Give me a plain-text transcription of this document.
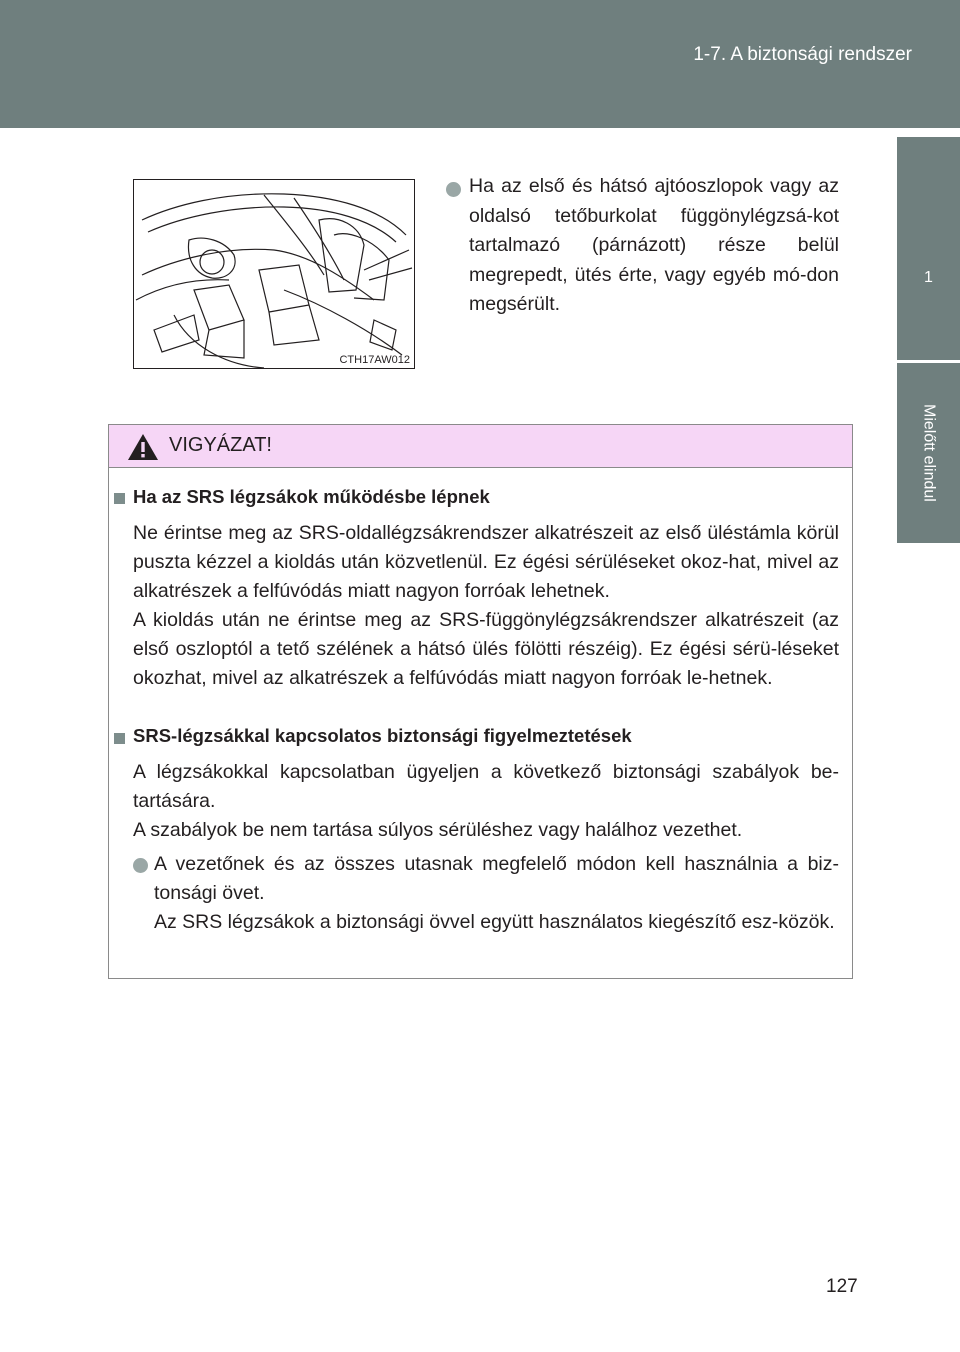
1-7. A biztonsági rendszer
1
Mielőtt elindul
CTH17AW012
Ha az első és hátsó ajtóoszlopok vagy az oldalsó tetőburkolat függönylégzsá-kot tartalmazó (párnázott) része belül megrepedt, ütés érte, vagy egyéb mó-don megsérült.
VIGYÁZAT!
Ha az SRS légzsákok működésbe lépnek
Ne érintse meg az SRS-oldallégzsákrendszer alkatrészeit az első üléstámla körül puszta kézzel a kioldás után közvetlenül. Ez égési sérüléseket okoz-hat, mivel az alkatrészek a felfúvódás miatt nagyon forróak lehetnek.
A kioldás után ne érintse meg az SRS-függönylégzsákrendszer alkatrészeit (az első oszloptól a tető szélének a hátsó ülés fölötti részéig). Ez égési sérü-léseket okozhat, mivel az alkatrészek a felfúvódás miatt nagyon forróak le-hetnek.
SRS-légzsákkal kapcsolatos biztonsági figyelmeztetések
A légzsákokkal kapcsolatban ügyeljen a következő biztonsági szabályok be-tartására.
A szabályok be nem tartása súlyos sérüléshez vagy halálhoz vezethet.
A vezetőnek és az összes utasnak megfelelő módon kell használnia a biz-tonsági övet.
Az SRS légzsákok a biztonsági övvel együtt használatos kiegészítő esz-közök.
127
